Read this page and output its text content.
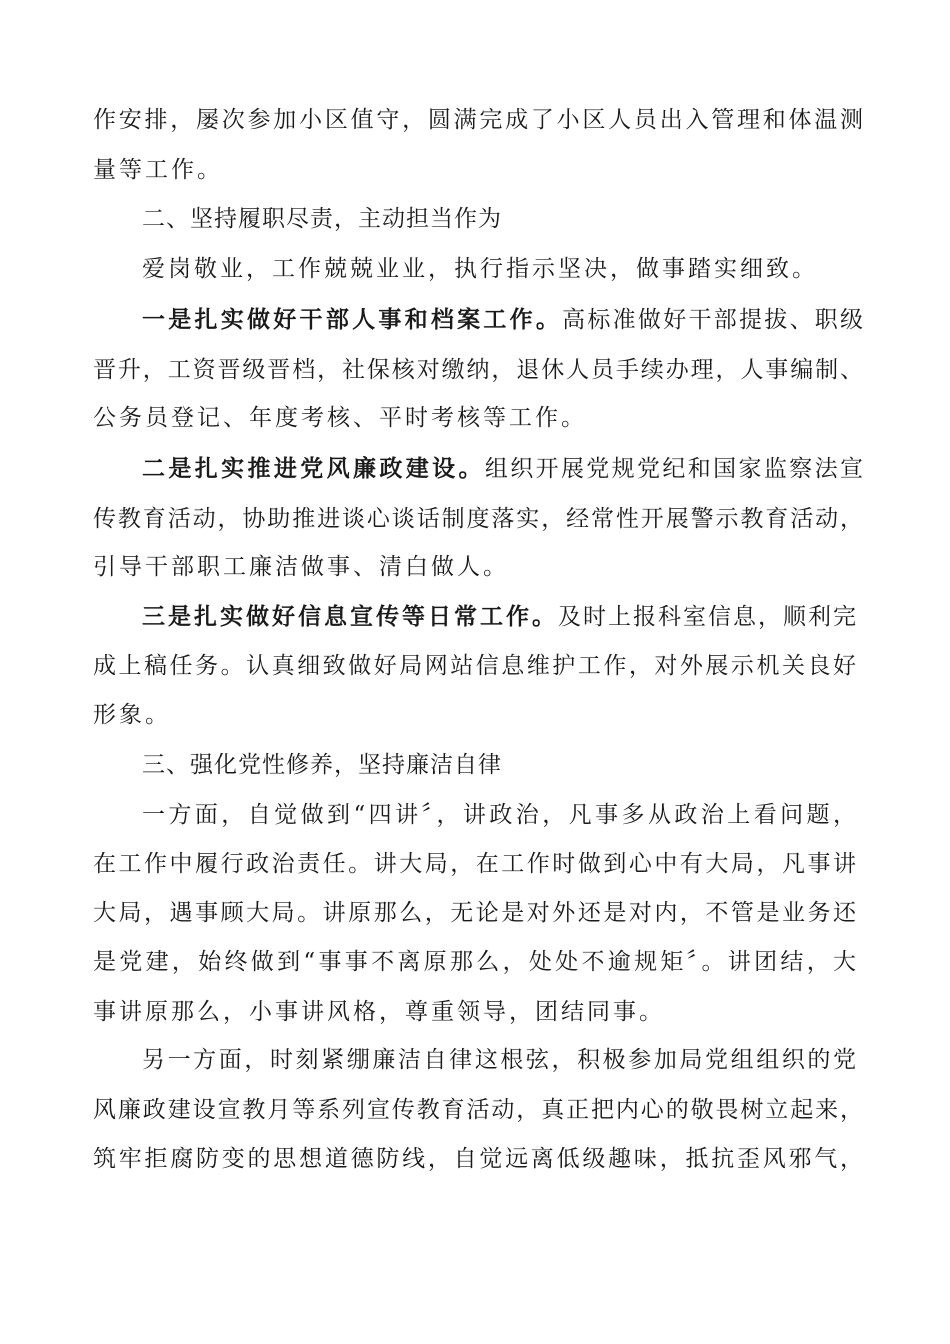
作安排，屡次参加小区值守，圆满完成了小区人员出入管理和体温测
量等工作。
二、坚持履职尽责，主动担当作为
爱岗敬业，工作兢兢业业，执行指示坚决，做事踏实细致。
一是扎实做好干部人事和档案工作。高标准做好干部提拔、职级
晋升，工资晋级晋档，社保核对缴纳，退休人员手续办理，人事编制、
公务员登记、年度考核、平时考核等工作。
二是扎实推进党风廉政建设。组织开展党规党纪和国家监察法宣
传教育活动，协助推进谈心谈话制度落实，经常性开展警示教育活动，
引导干部职工廉洁做事、清白做人。
三是扎实做好信息宣传等日常工作。及时上报科室信息，顺利完
成上稿任务。认真细致做好局网站信息维护工作，对外展示机关良好
形象。
三、强化党性修养，坚持廉洁自律
一方面，自觉做到“四讲〞，讲政治，凡事多从政治上看问题，
在工作中履行政治责任。讲大局，在工作时做到心中有大局，凡事讲
大局，遇事顾大局。讲原那么，无论是对外还是对内，不管是业务还
是党建，始终做到“事事不离原那么，处处不逾规矩〞。讲团结，大
事讲原那么，小事讲风格，尊重领导，团结同事。
另一方面，时刻紧绷廉洁自律这根弦，积极参加局党组组织的党
风廉政建设宣教月等系列宣传教育活动，真正把内心的敬畏树立起来，
筑牢拒腐防变的思想道德防线，自觉远离低级趣味，抵抗歪风邪气，
